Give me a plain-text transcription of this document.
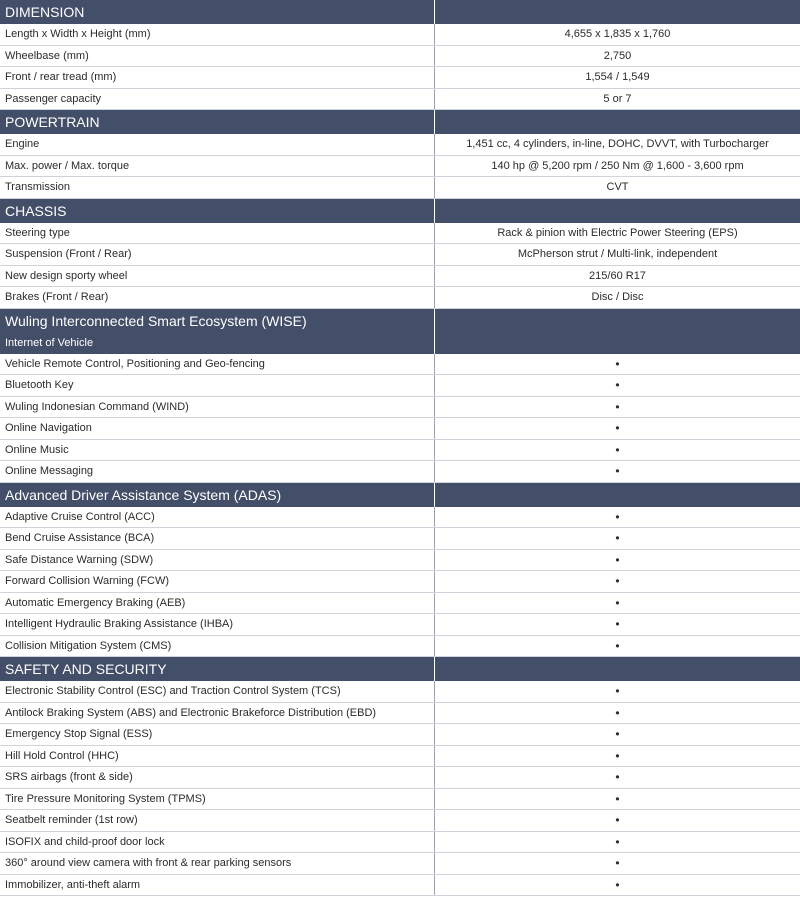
DIMENSION
Length x Width x Height (mm)	4,655 x 1,835 x 1,760
Wheelbase (mm)	2,750
Front / rear tread (mm)	1,554 / 1,549
Passenger capacity	5 or 7
POWERTRAIN
Engine	1,451 cc, 4 cylinders, in-line, DOHC, DVVT, with Turbocharger
Max. power / Max. torque	140 hp @ 5,200 rpm / 250 Nm @ 1,600 - 3,600 rpm
Transmission	CVT
CHASSIS
Steering type	Rack & pinion with Electric Power Steering (EPS)
Suspension (Front / Rear)	McPherson strut / Multi-link, independent
New design sporty wheel	215/60 R17
Brakes (Front / Rear)	Disc / Disc
Wuling Interconnected Smart Ecosystem (WISE)
Internet of Vehicle
Vehicle Remote Control, Positioning and Geo-fencing	•
Bluetooth Key	•
Wuling Indonesian Command (WIND)	•
Online Navigation	•
Online Music	•
Online Messaging	•
Advanced Driver Assistance System (ADAS)
Adaptive Cruise Control (ACC)	•
Bend Cruise Assistance (BCA)	•
Safe Distance Warning (SDW)	•
Forward Collision Warning (FCW)	•
Automatic Emergency Braking (AEB)	•
Intelligent Hydraulic Braking Assistance (IHBA)	•
Collision Mitigation System (CMS)	•
SAFETY AND SECURITY
Electronic Stability Control (ESC) and Traction Control System (TCS)	•
Antilock Braking System (ABS) and Electronic Brakeforce Distribution (EBD)	•
Emergency Stop Signal (ESS)	•
Hill Hold Control (HHC)	•
SRS airbags (front & side)	•
Tire Pressure Monitoring System (TPMS)	•
Seatbelt reminder (1st row)	•
ISOFIX and child-proof door lock	•
360° around view camera with front & rear parking sensors	•
Immobilizer, anti-theft alarm	•
